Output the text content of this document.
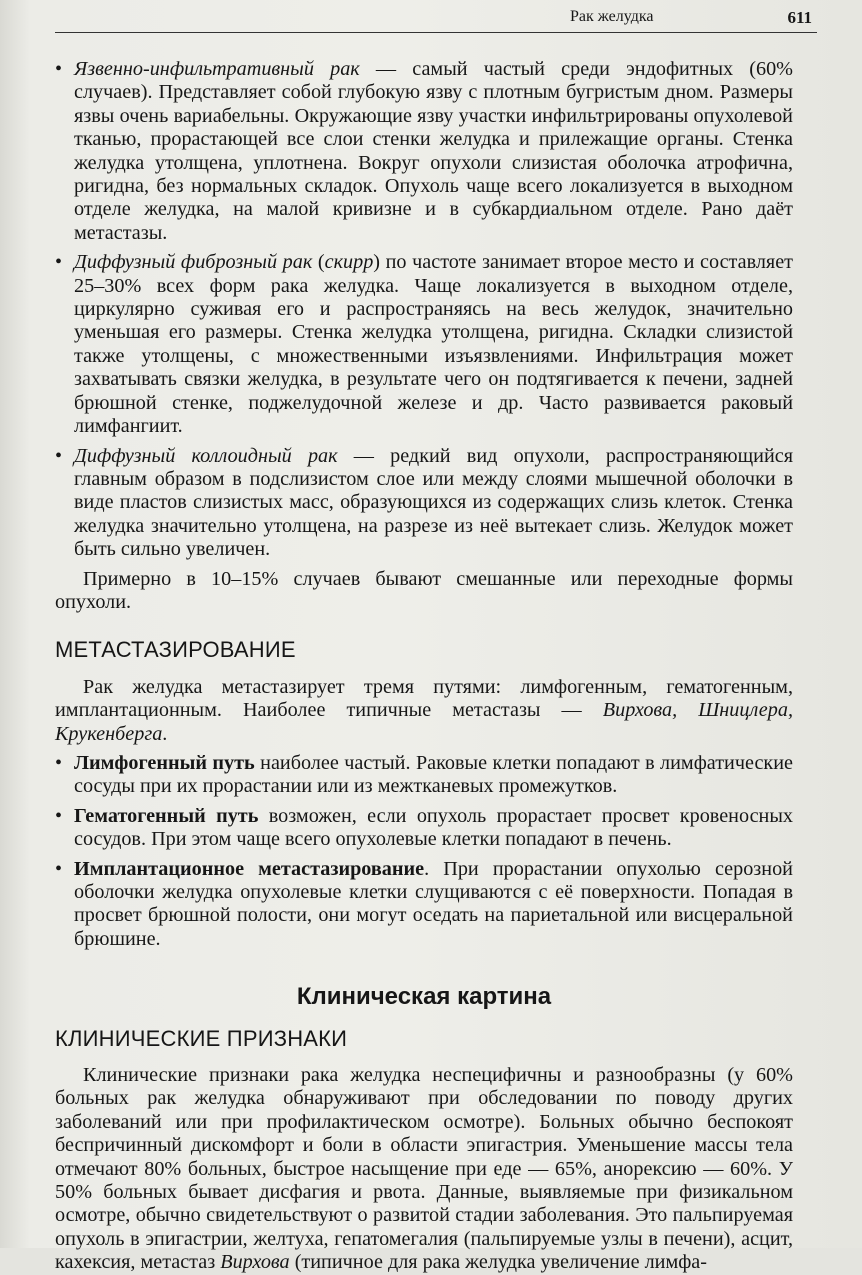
Рак желудка	611

• Язвенно-инфильтративный рак — самый частый среди эндофитных (60% случаев). Представляет собой глубокую язву с плотным бугристым дном. Размеры язвы очень вариабельны. Окружающие язву участки инфильтрированы опухолевой тканью, прорастающей все слои стенки желудка и прилежащие органы. Стенка желудка утолщена, уплотнена. Вокруг опухоли слизистая оболочка атрофична, ригидна, без нормальных складок. Опухоль чаще всего локализуется в выходном отделе желудка, на малой кривизне и в субкардиальном отделе. Рано даёт метастазы.

• Диффузный фиброзный рак (скирр) по частоте занимает второе место и составляет 25–30% всех форм рака желудка. Чаще локализуется в выходном отделе, циркулярно суживая его и распространяясь на весь желудок, значительно уменьшая его размеры. Стенка желудка утолщена, ригидна. Складки слизистой также утолщены, с множественными изъязвлениями. Инфильтрация может захватывать связки желудка, в результате чего он подтягивается к печени, задней брюшной стенке, поджелудочной железе и др. Часто развивается раковый лимфангиит.

• Диффузный коллоидный рак — редкий вид опухоли, распространяющийся главным образом в подслизистом слое или между слоями мышечной оболочки в виде пластов слизистых масс, образующихся из содержащих слизь клеток. Стенка желудка значительно утолщена, на разрезе из неё вытекает слизь. Желудок может быть сильно увеличен.

Примерно в 10–15% случаев бывают смешанные или переходные формы опухоли.

МЕТАСТАЗИРОВАНИЕ

Рак желудка метастазирует тремя путями: лимфогенным, гематогенным, имплантационным. Наиболее типичные метастазы — Вирхова, Шницлера, Крукенберга.

• Лимфогенный путь наиболее частый. Раковые клетки попадают в лимфатические сосуды при их прорастании или из межтканевых промежутков.

• Гематогенный путь возможен, если опухоль прорастает просвет кровеносных сосудов. При этом чаще всего опухолевые клетки попадают в печень.

• Имплантационное метастазирование. При прорастании опухолью серозной оболочки желудка опухолевые клетки слущиваются с её поверхности. Попадая в просвет брюшной полости, они могут оседать на париетальной или висцеральной брюшине.

Клиническая картина
КЛИНИЧЕСКИЕ ПРИЗНАКИ

Клинические признаки рака желудка неспецифичны и разнообразны (у 60% больных рак желудка обнаруживают при обследовании по поводу других заболеваний или при профилактическом осмотре). Больных обычно беспокоят беспричинный дискомфорт и боли в области эпигастрия. Уменьшение массы тела отмечают 80% больных, быстрое насыщение при еде — 65%, анорексию — 60%. У 50% больных бывает дисфагия и рвота. Данные, выявляемые при физикальном осмотре, обычно свидетельствуют о развитой стадии заболевания. Это пальпируемая опухоль в эпигастрии, желтуха, гепатомегалия (пальпируемые узлы в печени), асцит, кахексия, метастаз Вирхова (типичное для рака желудка увеличение лимфа-
